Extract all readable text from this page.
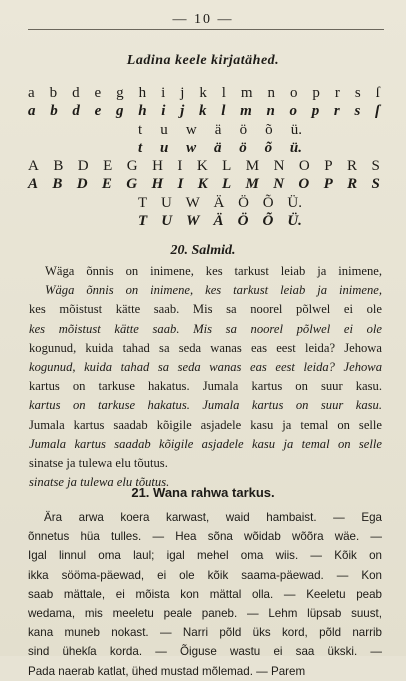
— 10 —
Ladina keele kirjatähed.
a b d e g h i j k l m n o p r s ſ
a b d e g h i j k l m n o p r s ſ
t u w ä ö õ ü.
t u w ä ö õ ü.
A B D E G H I K L M N O P R S
A B D E G H I K L M N O P R S
T U W Ä Ö Õ Ü.
T U W Ä Ö Õ Ü.
20. Salmid.
Wäga õnnis on inimene, kes tarkust leiab ja inimene,
Wäga õnnis on inimene, kes tarkust leiab ja inimene,
kes mõistust kätte saab. Mis sa noorel põlwel ei ole
kes mõistust kätte saab. Mis sa noorel põlwel ei ole
kogunud, kuida tahad sa seda wanas eas eest leida? Jehowa
kogunud, kuida tahad sa seda wanas eas eest leida? Jehowa
kartus on tarkuse hakatus. Jumala kartus on suur kasu.
kartus on tarkuse hakatus. Jumala kartus on suur kasu.
Jumala kartus saadab kõigile asjadele kasu ja temal on selle
Jumala kartus saadab kõigile asjadele kasu ja temal on selle
sinatse ja tulewa elu tõutus.
sinatse ja tulewa elu tõutus.
21. Wana rahwa tarkus.
Ära arwa koera karwast, waid hambaist. — Ega
õnnetus hüa tulles. — Hea sõna wõidab wõõra wäe. —
Igal linnul oma laul; igal mehel oma wiis. — Kõik on
ikka sööma-päewad, ei ole kõik saama-päewad. — Kon
saab mättale, ei mõista kon mättal olla. — Keeletu peab
wedama, mis meeletu peale paneb. — Lehm lüpsab suust,
kana muneb nokast. — Narri põld üks kord, põld narrib
sind ühekſa korda. — Õiguse wastu ei saa ükski. —
Pada naerab katlat, ühed mustad mõlemad. — Parem
